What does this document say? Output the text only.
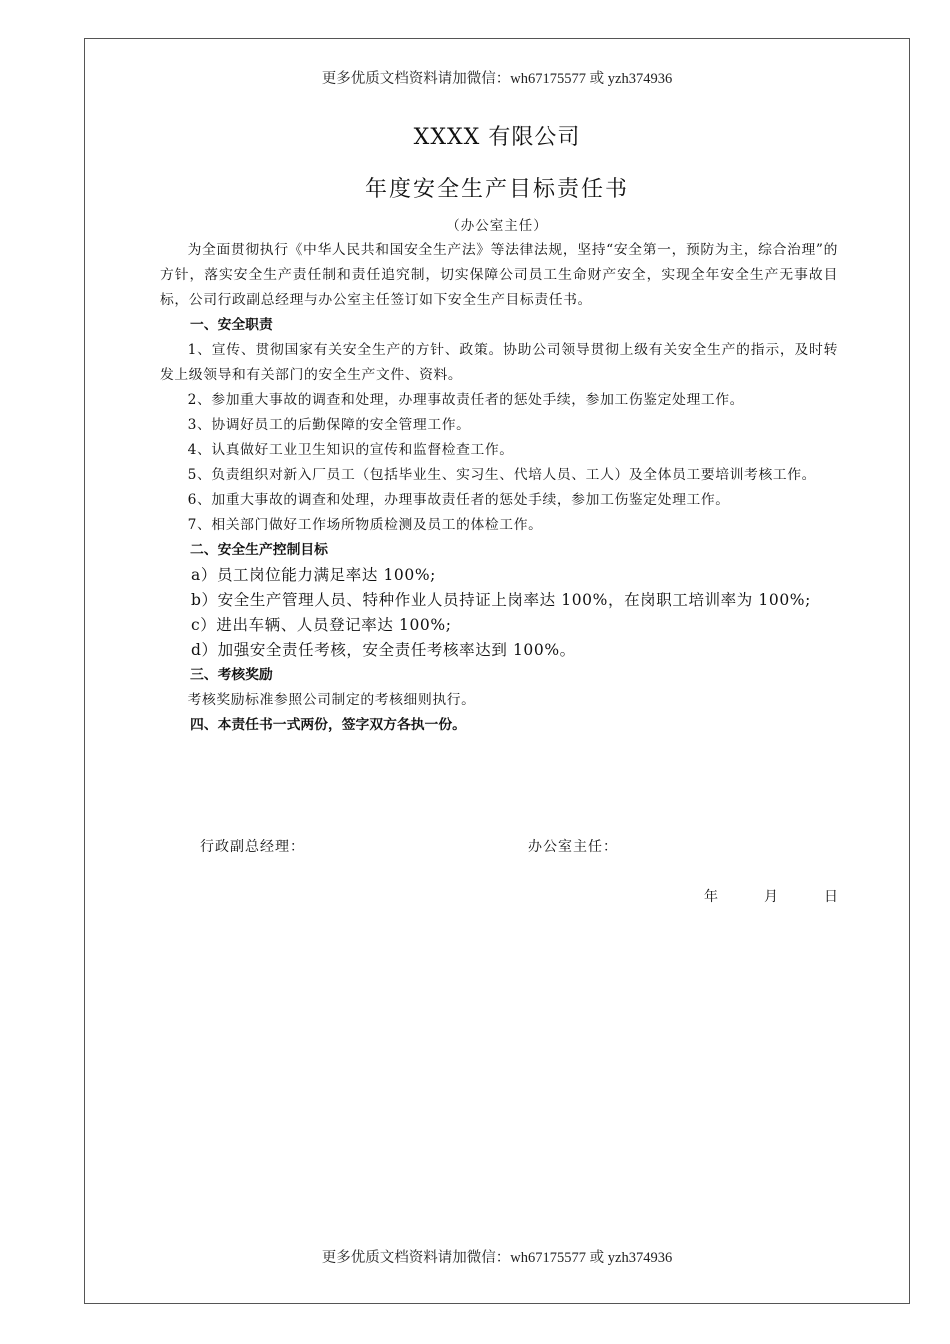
更多优质文档资料请加微信：wh67175577 或 yzh374936
XXXX 有限公司
年度安全生产目标责任书
（办公室主任）

为全面贯彻执行《中华人民共和国安全生产法》等法律法规，坚持“安全第一，预防为主，综合治理”的方针，落实安全生产责任制和责任追究制，切实保障公司员工生命财产安全，实现全年安全生产无事故目标，公司行政副总经理与办公室主任签订如下安全生产目标责任书。

一、安全职责

1、宣传、贯彻国家有关安全生产的方针、政策。协助公司领导贯彻上级有关安全生产的指示，及时转发上级领导和有关部门的安全生产文件、资料。

2、参加重大事故的调查和处理，办理事故责任者的惩处手续，参加工伤鉴定处理工作。

3、协调好员工的后勤保障的安全管理工作。

4、认真做好工业卫生知识的宣传和监督检查工作。

5、负责组织对新入厂员工（包括毕业生、实习生、代培人员、工人）及全体员工要培训考核工作。

6、加重大事故的调查和处理，办理事故责任者的惩处手续，参加工伤鉴定处理工作。

7、相关部门做好工作场所物质检测及员工的体检工作。

二、安全生产控制目标

a）员工岗位能力满足率达 100%;

b）安全生产管理人员、特种作业人员持证上岗率达 100%，在岗职工培训率为 100%;

c）进出车辆、人员登记率达 100%;

d）加强安全责任考核，安全责任考核率达到 100%。

三、考核奖励

考核奖励标准参照公司制定的考核细则执行。

四、本责任书一式两份，签字双方各执一份。

行政副总经理：	办公室主任：
年	月	日
更多优质文档资料请加微信：wh67175577 或 yzh374936
